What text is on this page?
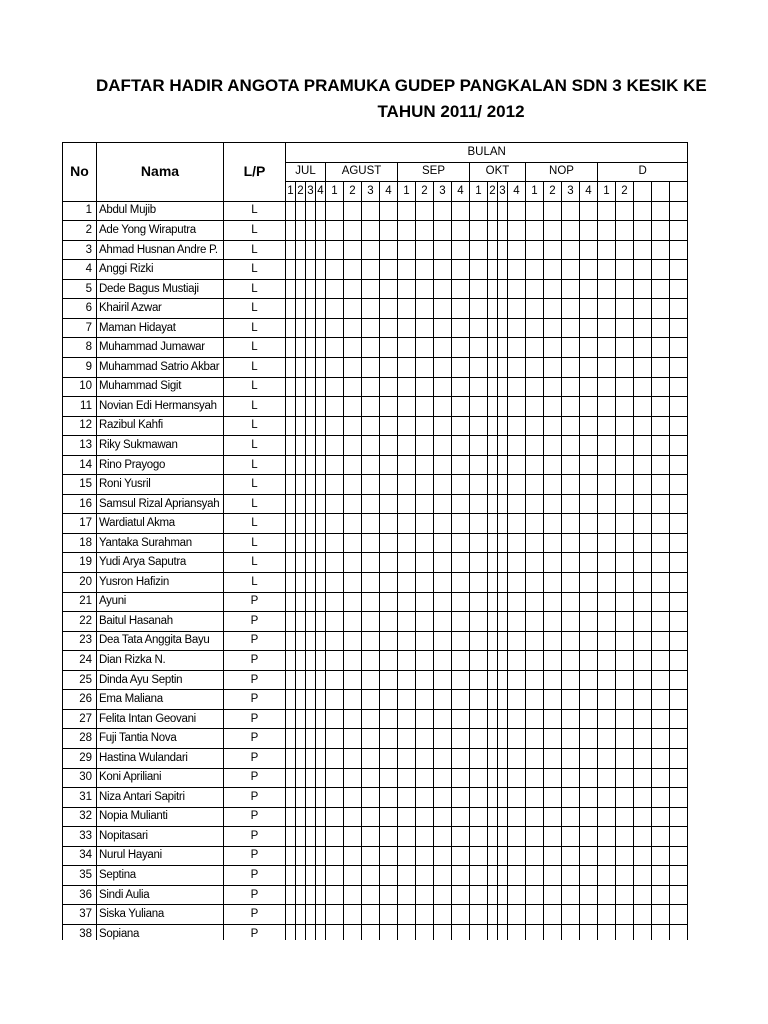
DAFTAR HADIR ANGOTA PRAMUKA GUDEP PANGKALAN SDN 3 KESIK KE
TAHUN 2011/ 2012
No	Nama	L/P	BULAN																								
			JUL				AGUST				SEP				OKT				NOP				D				
			1	2	3	4	1	2	3	4	1	2	3	4	1	2	3	4	1	2	3	4	1	2			
1	Abdul Mujib	L																									
2	Ade Yong Wiraputra	L																									
3	Ahmad Husnan Andre P.	L																									
4	Anggi Rizki	L																									
5	Dede Bagus Mustiaji	L																									
6	Khairil Azwar	L																									
7	Maman Hidayat	L																									
8	Muhammad Jumawar	L																									
9	Muhammad Satrio Akbar	L																									
10	Muhammad Sigit	L																									
11	Novian Edi Hermansyah	L																									
12	Razibul Kahfi	L																									
13	Riky Sukmawan	L																									
14	Rino Prayogo	L																									
15	Roni Yusril	L																									
16	Samsul Rizal Apriansyah	L																									
17	Wardiatul Akma	L																									
18	Yantaka Surahman	L																									
19	Yudi Arya Saputra	L																									
20	Yusron Hafizin	L																									
21	Ayuni	P																									
22	Baitul Hasanah	P																									
23	Dea Tata Anggita Bayu	P																									
24	Dian Rizka N.	P																									
25	Dinda Ayu Septin	P																									
26	Ema Maliana	P																									
27	Felita Intan Geovani	P																									
28	Fuji Tantia Nova	P																									
29	Hastina Wulandari	P																									
30	Koni Apriliani	P																									
31	Niza Antari Sapitri	P																									
32	Nopia Mulianti	P																									
33	Nopitasari	P																									
34	Nurul Hayani	P																									
35	Septina	P																									
36	Sindi Aulia	P																									
37	Siska Yuliana	P																									
38	Sopiana	P																									
